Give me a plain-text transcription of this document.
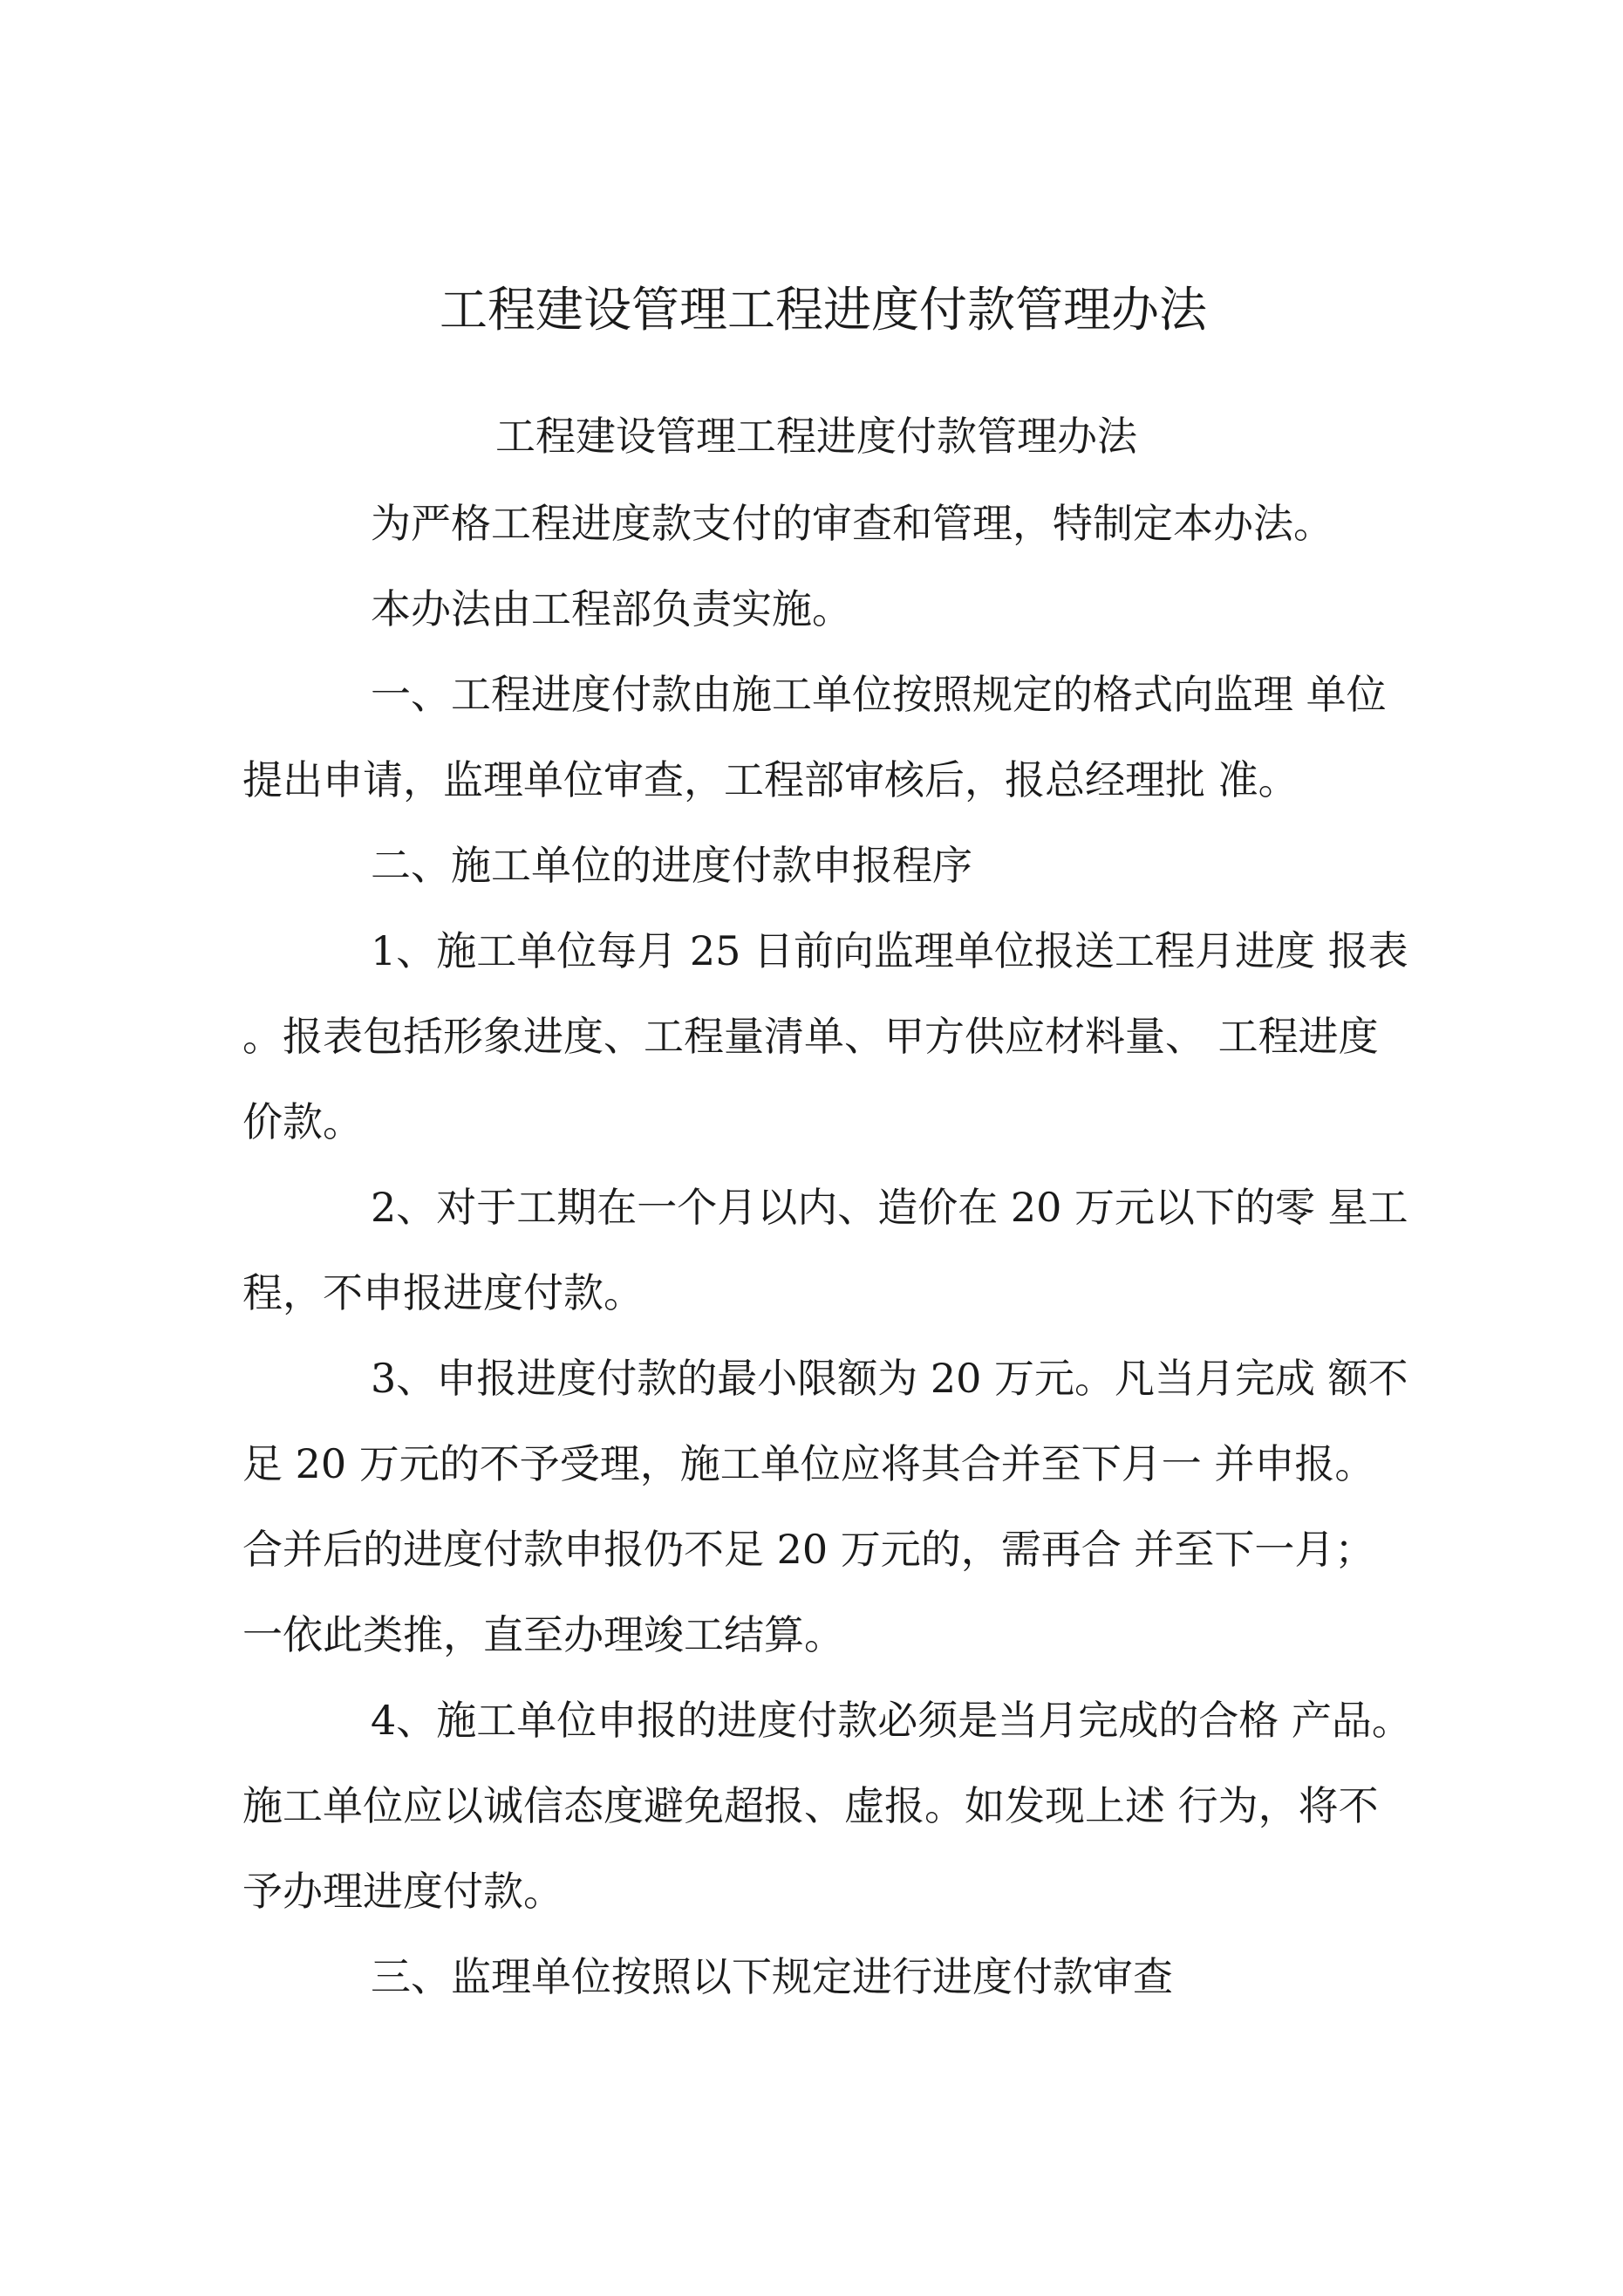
工程建设管理工程进度付款管理办法
工程建设管理工程进度付款管理办法
为严格工程进度款支付的审查和管理，特制定本办法。
本办法由工程部负责实施。
一、工程进度付款由施工单位按照规定的格式向监理 单位
提出申请，监理单位审查，工程部审核后，报总经理批 准。
二、施工单位的进度付款申报程序
1、施工单位每月 25 日前向监理单位报送工程月进度 报表
。报表包括形象进度、工程量清单、甲方供应材料量、 工程进度
价款。
2、对于工期在一个月以内、造价在 20 万元以下的零 星工
程，不申报进度付款。
3、申报进度付款的最小限额为 20 万元。凡当月完成 额不
足 20 万元的不予受理，施工单位应将其合并至下月一 并申报。
合并后的进度付款申报仍不足 20 万元的，需再合 并至下一月；
一依此类推，直至办理竣工结算。
4、施工单位申报的进度付款必须是当月完成的合格 产品。
施工单位应以诚信态度避免超报、虚报。如发现上述 行为，将不
予办理进度付款。
三、监理单位按照以下规定进行进度付款审查
